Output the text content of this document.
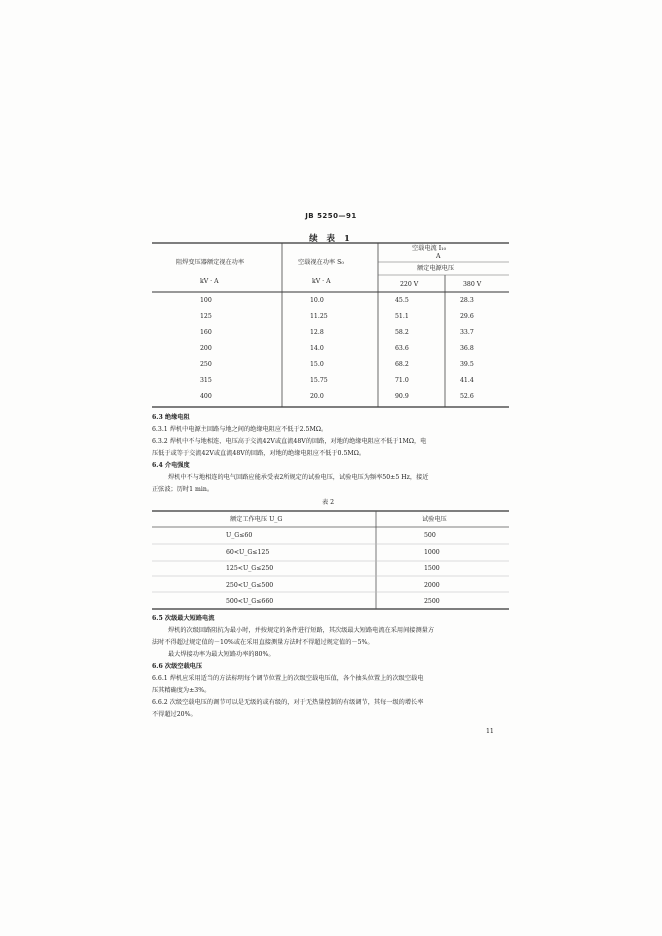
JB 5250—91
续 表 1
阻焊变压器额定视在功率
kV · A
空载视在功率 S₀
kV · A
空载电流 I₁₀
A
额定电源电压
220 V	380 V
100	10.0	45.5	28.3
125	11.25	51.1	29.6
160	12.8	58.2	33.7
200	14.0	63.6	36.8
250	15.0	68.2	39.5
315	15.75	71.0	41.4
400	20.0	90.9	52.6
6.3 绝缘电阻
6.3.1 焊机中电源主回路与地之间的绝缘电阻应不低于2.5MΩ。
6.3.2 焊机中不与地相连、电压高于交流42V或直流48V的回路，对地的绝缘电阻应不低于1MΩ，电
压低于或等于交流42V或直流48V的回路，对地的绝缘电阻应不低于0.5MΩ。
6.4 介电强度
焊机中不与地相连的电气回路应能承受表2所规定的试验电压，试验电压为频率50±5 Hz，接近
正弦波；历时1 min。
表 2
额定工作电压 U_G	试验电压
U_G≤60	500
60<U_G≤125	1000
125<U_G≤250	1500
250<U_G≤500	2000
500<U_G≤660	2500
6.5 次级最大短路电流
焊机的次级回路阻抗为最小时，并按规定的条件进行短路，其次级最大短路电流在采用间接测量方
法时不得超过规定值的－10%或在采用直接测量方法时不得超过规定值的－5%。
最大焊接功率为最大短路功率的80%。
6.6 次级空载电压
6.6.1 焊机应采用适当的方法标明每个调节位置上的次级空载电压值，各个抽头位置上的次级空载电
压其精确度为±3%。
6.6.2 次级空载电压的调节可以是无级的或有级的，对于无热量控制的有级调节，其每一级的增长率
不得超过20%。
11
